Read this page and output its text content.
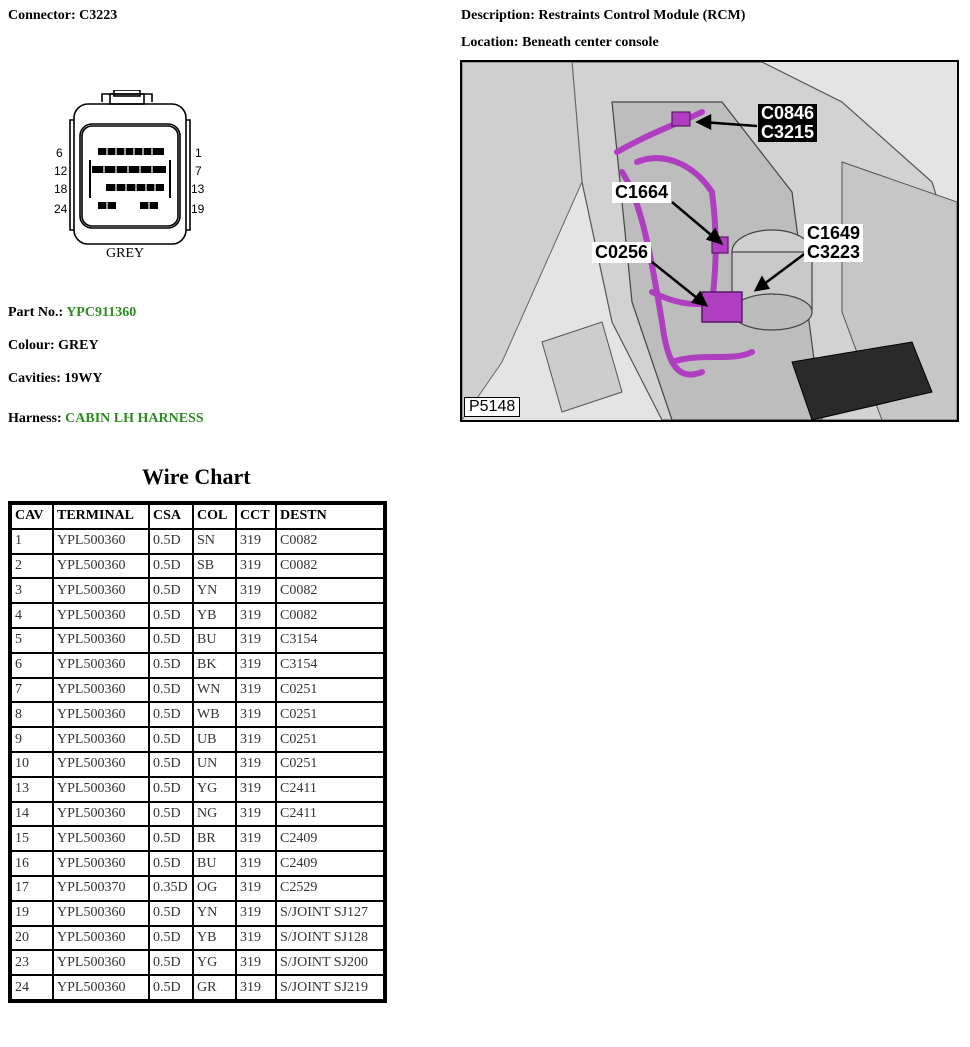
Connector: C3223	Description: Restraints Control Module (RCM)
Location: Beneath center console
6	1
12	7
18	13
24	19
GREY
Part No.: YPC911360
Colour: GREY
Cavities: 19WY
Harness: CABIN LH HARNESS
C0846
C3215
C1664
C0256
C1649
C3223
P5148
Wire Chart
CAV	TERMINAL	CSA	COL	CCT	DESTN
1	YPL500360	0.5D	SN	319	C0082
2	YPL500360	0.5D	SB	319	C0082
3	YPL500360	0.5D	YN	319	C0082
4	YPL500360	0.5D	YB	319	C0082
5	YPL500360	0.5D	BU	319	C3154
6	YPL500360	0.5D	BK	319	C3154
7	YPL500360	0.5D	WN	319	C0251
8	YPL500360	0.5D	WB	319	C0251
9	YPL500360	0.5D	UB	319	C0251
10	YPL500360	0.5D	UN	319	C0251
13	YPL500360	0.5D	YG	319	C2411
14	YPL500360	0.5D	NG	319	C2411
15	YPL500360	0.5D	BR	319	C2409
16	YPL500360	0.5D	BU	319	C2409
17	YPL500370	0.35D	OG	319	C2529
19	YPL500360	0.5D	YN	319	S/JOINT SJ127
20	YPL500360	0.5D	YB	319	S/JOINT SJ128
23	YPL500360	0.5D	YG	319	S/JOINT SJ200
24	YPL500360	0.5D	GR	319	S/JOINT SJ219
